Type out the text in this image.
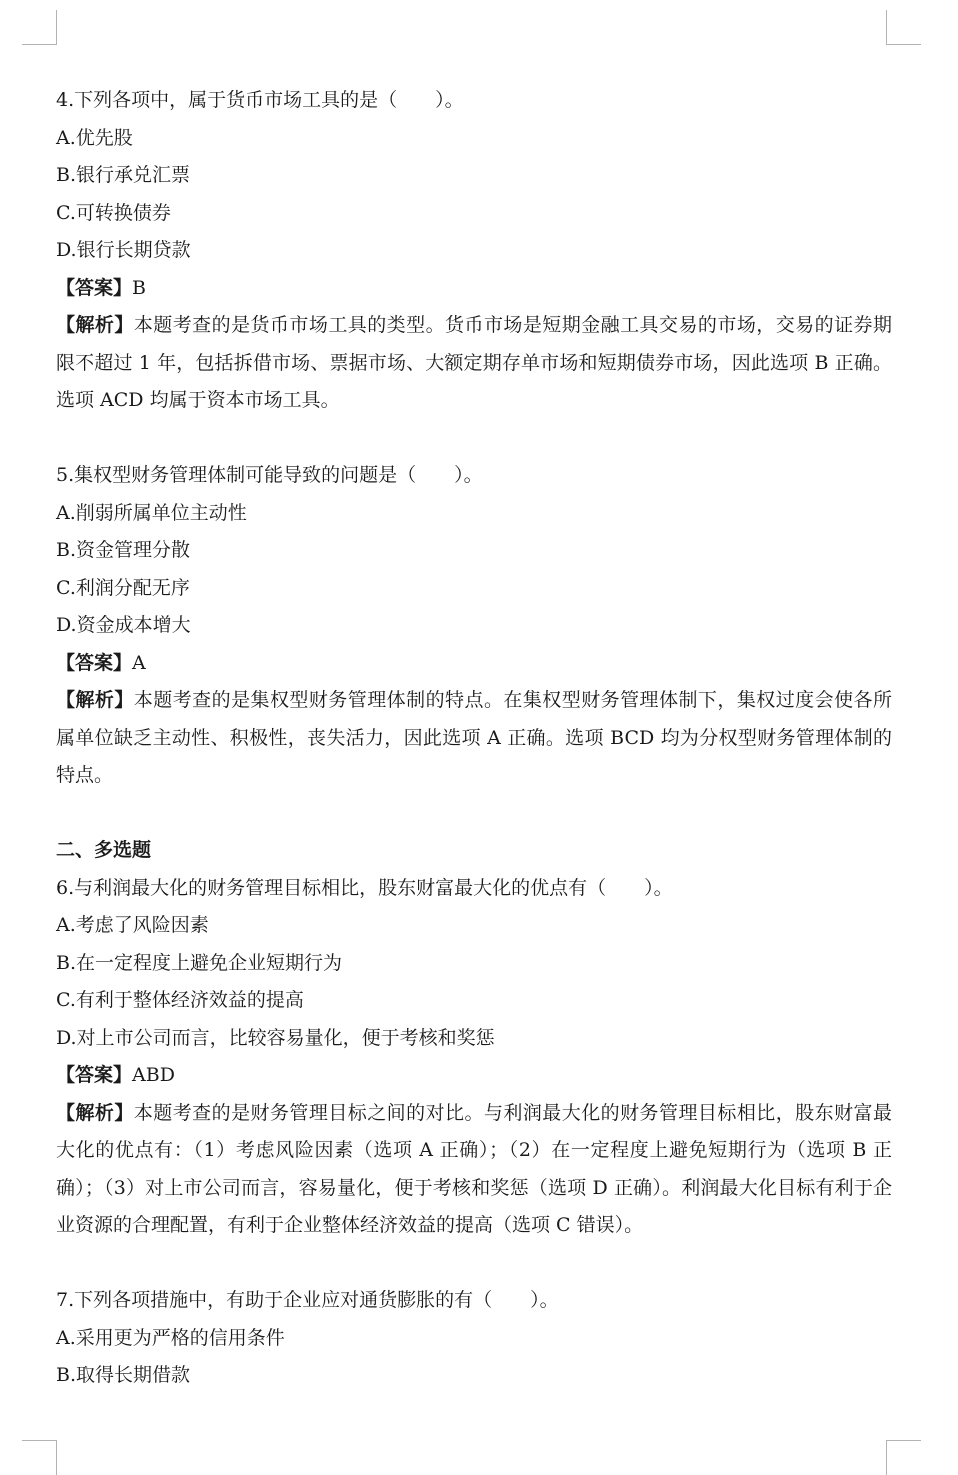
4.下列各项中，属于货币市场工具的是（　　）。

A.优先股

B.银行承兑汇票

C.可转换债券

D.银行长期贷款

【答案】B

【解析】本题考查的是货币市场工具的类型。货币市场是短期金融工具交易的市场，交易的证券期限不超过 1 年，包括拆借市场、票据市场、大额定期存单市场和短期债券市场，因此选项 B 正确。选项 ACD 均属于资本市场工具。

5.集权型财务管理体制可能导致的问题是（　　）。

A.削弱所属单位主动性

B.资金管理分散

C.利润分配无序

D.资金成本增大

【答案】A

【解析】本题考查的是集权型财务管理体制的特点。在集权型财务管理体制下，集权过度会使各所属单位缺乏主动性、积极性，丧失活力，因此选项 A 正确。选项 BCD 均为分权型财务管理体制的特点。

二、多选题

6.与利润最大化的财务管理目标相比，股东财富最大化的优点有（　　）。

A.考虑了风险因素

B.在一定程度上避免企业短期行为

C.有利于整体经济效益的提高

D.对上市公司而言，比较容易量化，便于考核和奖惩

【答案】ABD

【解析】本题考查的是财务管理目标之间的对比。与利润最大化的财务管理目标相比，股东财富最大化的优点有：（1）考虑风险因素（选项 A 正确）；（2）在一定程度上避免短期行为（选项 B 正确）；（3）对上市公司而言，容易量化，便于考核和奖惩（选项 D 正确）。利润最大化目标有利于企业资源的合理配置，有利于企业整体经济效益的提高（选项 C 错误）。

7.下列各项措施中，有助于企业应对通货膨胀的有（　　）。

A.采用更为严格的信用条件

B.取得长期借款
